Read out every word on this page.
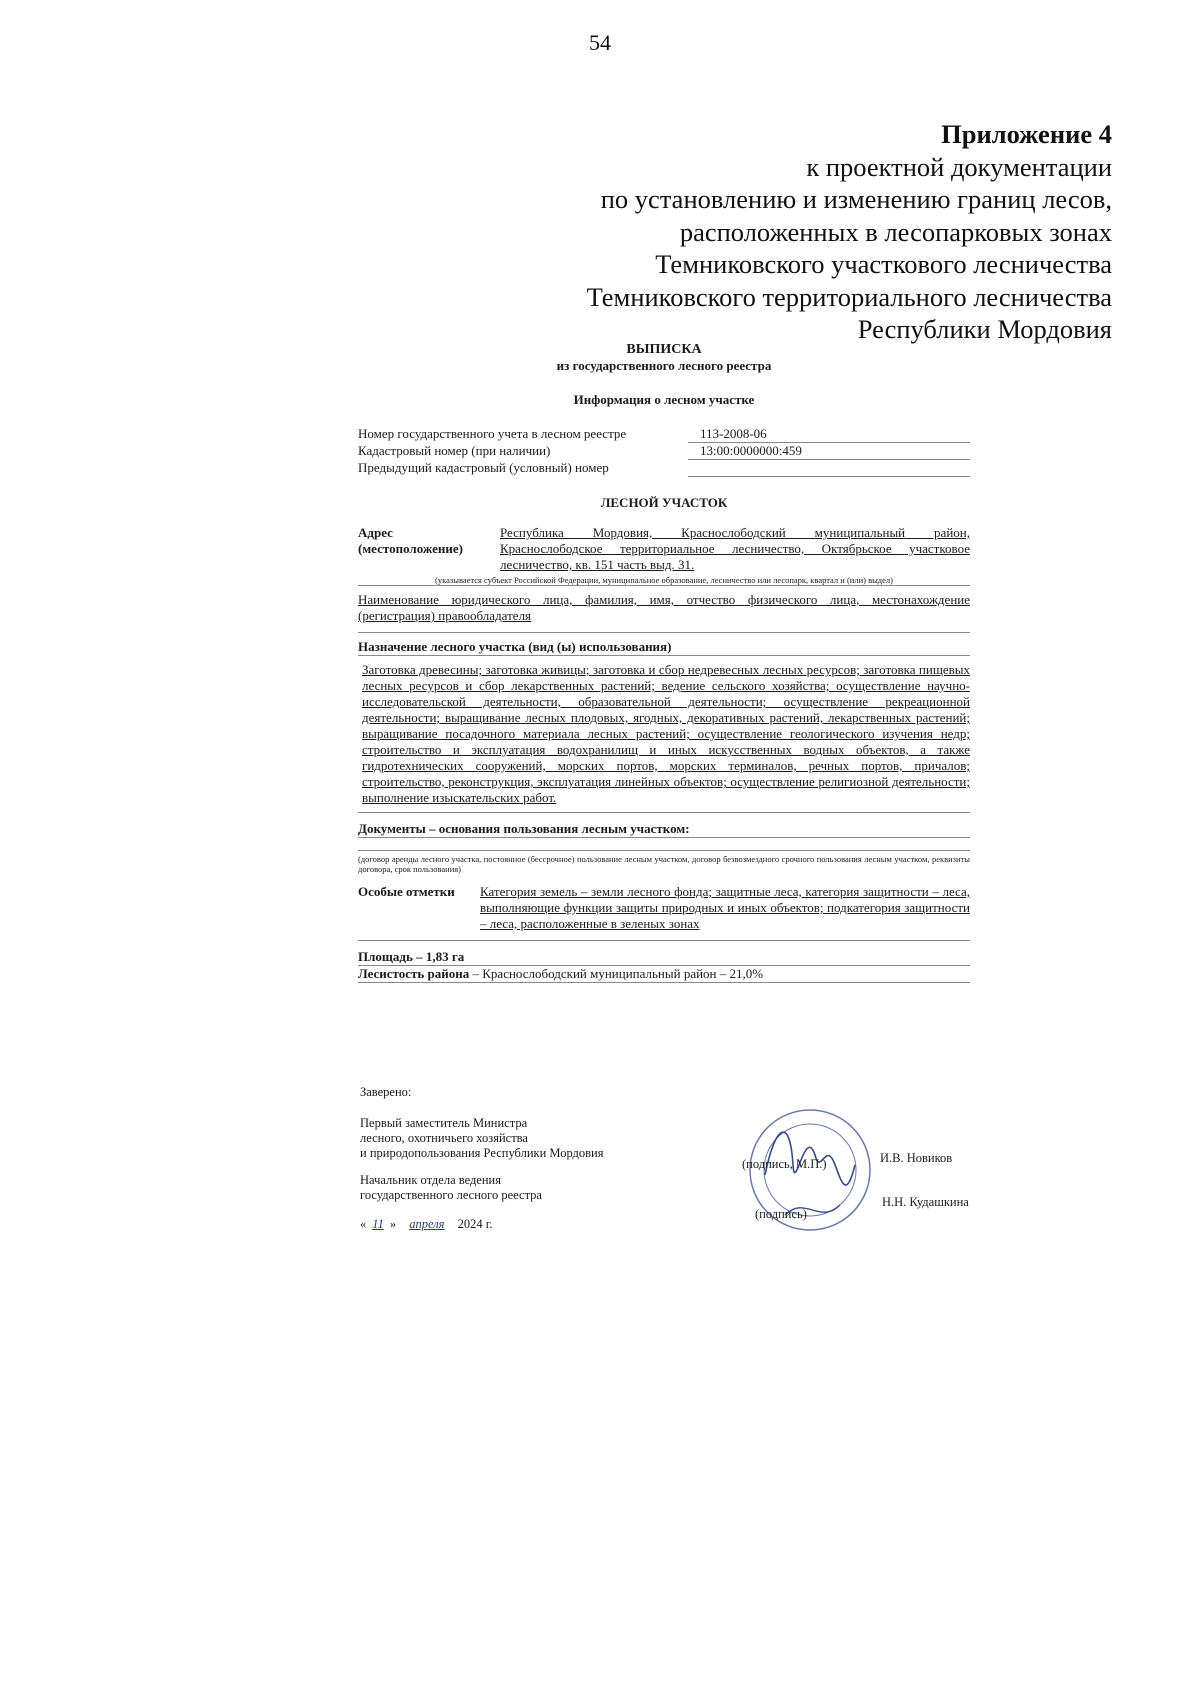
54
Приложение 4
к проектной документации
по установлению и изменению границ лесов,
расположенных в лесопарковых зонах
Темниковского участкового лесничества
Темниковского территориального лесничества
Республики Мордовия
ВЫПИСКА
из государственного лесного реестра
Информация о лесном участке
Номер государственного учета в лесном реестре	113-2008-06
Кадастровый номер (при наличии)	13:00:0000000:459
Предыдущий кадастровый (условный) номер
ЛЕСНОЙ УЧАСТОК
Адрес
(местоположение)
Республика Мордовия, Краснослободский муниципальный район, Краснослободское территориальное лесничество, Октябрьское участковое лесничество, кв. 151 часть выд. 31.
(указывается субъект Российской Федерации, муниципальное образование, лесничество или лесопарк, квартал и (или) выдел)
Наименование юридического лица, фамилия, имя, отчество физического лица, местонахождение (регистрация) правообладателя
Назначение лесного участка (вид (ы) использования)
Заготовка древесины; заготовка живицы; заготовка и сбор недревесных лесных ресурсов; заготовка пищевых лесных ресурсов и сбор лекарственных растений; ведение сельского хозяйства; осуществление научно-исследовательской деятельности, образовательной деятельности; осуществление рекреационной деятельности; выращивание лесных плодовых, ягодных, декоративных растений, лекарственных растений; выращивание посадочного материала лесных растений; осуществление геологического изучения недр; строительство и эксплуатация водохранилищ и иных искусственных водных объектов, а также гидротехнических сооружений, морских портов, морских терминалов, речных портов, причалов; строительство, реконструкция, эксплуатация линейных объектов; осуществление религиозной деятельности; выполнение изыскательских работ.
Документы – основания пользования лесным участком:
(договор аренды лесного участка, постоянное (бессрочное) пользование лесным участком, договор безвозмездного срочного пользования лесным участком, реквизиты договора, срок пользования)
Особые отметки	Категория земель – земли лесного фонда; защитные леса, категория защитности – леса, выполняющие функции защиты природных и иных объектов; подкатегория защитности – леса, расположенные в зеленых зонах
Площадь – 1,83 га
Лесистость района – Краснослободский муниципальный район – 21,0%
Заверено:
Первый заместитель Министра
лесного, охотничьего хозяйства
и природопользования Республики Мордовия
Начальник отдела ведения
государственного лесного реестра
« 11 » апреля 2024 г.
(подпись, М.П.)	И.В. Новиков
(подпись)
Н.Н. Кудашкина
